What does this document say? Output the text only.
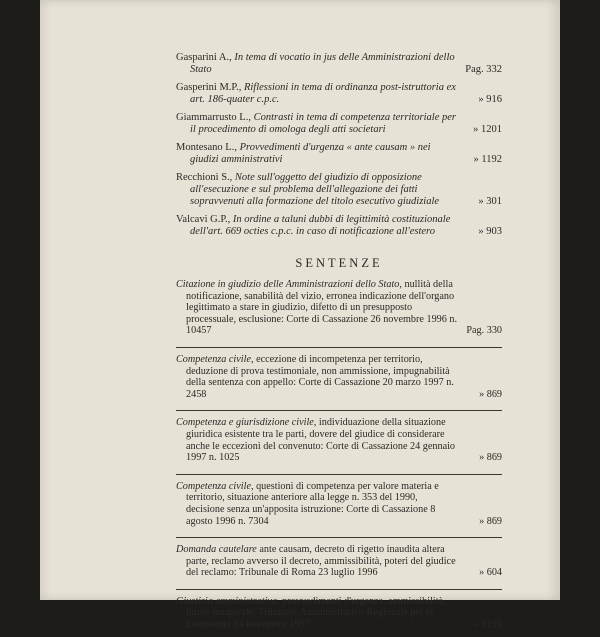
Gasparini A., In tema di vocatio in jus delle Amministrazioni dello Stato	Pag. 332
Gasperini M.P., Riflessioni in tema di ordinanza post-istruttoria ex art. 186-quater c.p.c.	» 916
Giammarrusto L., Contrasti in tema di competenza territoriale per il procedimento di omologa degli atti societari	» 1201
Montesano L., Provvedimenti d'urgenza « ante causam » nei giudizi amministrativi	» 1192
Recchioni S., Note sull'oggetto del giudizio di opposizione all'esecuzione e sul problema dell'allegazione dei fatti sopravvenuti alla formazione del titolo esecutivo giudiziale	» 301
Valcavi G.P., In ordine a taluni dubbi di legittimità costituzionale dell'art. 669 octies c.p.c. in caso di notificazione all'estero	» 903
SENTENZE
Citazione in giudizio delle Amministrazioni dello Stato, nullità della notificazione, sanabilità del vizio, erronea indicazione dell'organo legittimato a stare in giudizio, difetto di un presupposto processuale, esclusione: Corte di Cassazione 26 novembre 1996 n. 10457	Pag. 330
Competenza civile, eccezione di incompetenza per territorio, deduzione di prova testimoniale, non ammissione, impugnabilità della sentenza con appello: Corte di Cassazione 20 marzo 1997 n. 2458	» 869
Competenza e giurisdizione civile, individuazione della situazione giuridica esistente tra le parti, dovere del giudice di considerare anche le eccezioni del convenuto: Corte di Cassazione 24 gennaio 1997 n. 1025	» 869
Competenza civile, questioni di competenza per valore materia e territorio, situazione anteriore alla legge n. 353 del 1990, decisione senza un'apposita istruzione: Corte di Cassazione 8 agosto 1996 n. 7304	» 869
Domanda cautelare ante causam, decreto di rigetto inaudita altera parte, reclamo avverso il decreto, ammissibilità, poteri del giudice del reclamo: Tribunale di Roma 23 luglio 1996	» 604
Giustizia amministrativa, provvedimenti d'urgenza, ammissibilità, limite temporale: Tribunale Amministrativo Regionale per la Lombardia 14 novembre 1997	» 1191
